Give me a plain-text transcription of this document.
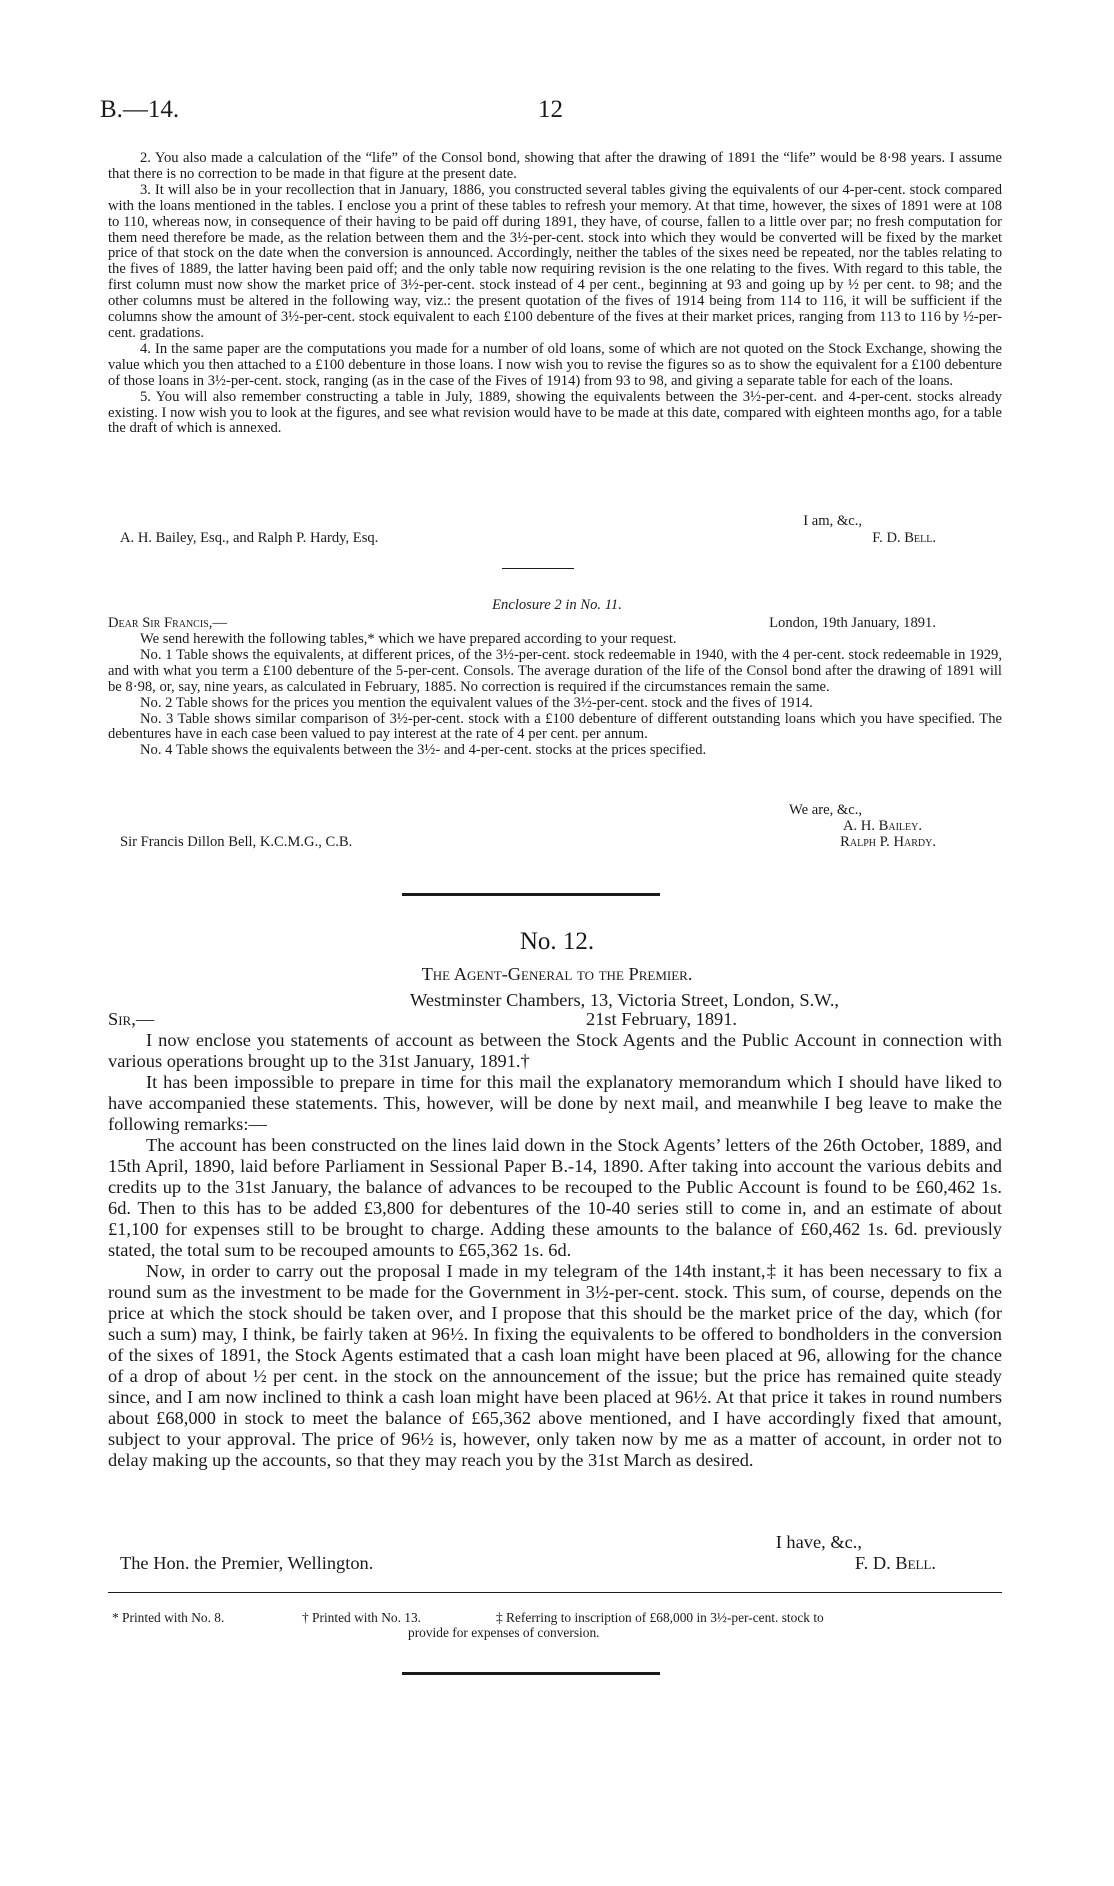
B.—14.	12

2. You also made a calculation of the “life” of the Consol bond, showing that after the drawing of 1891 the “life” would be 8·98 years. I assume that there is no correction to be made in that figure at the present date.

3. It will also be in your recollection that in January, 1886, you constructed several tables giving the equivalents of our 4-per-cent. stock compared with the loans mentioned in the tables. I enclose you a print of these tables to refresh your memory. At that time, however, the sixes of 1891 were at 108 to 110, whereas now, in consequence of their having to be paid off during 1891, they have, of course, fallen to a little over par; no fresh computation for them need therefore be made, as the relation between them and the 3½-per-cent. stock into which they would be converted will be fixed by the market price of that stock on the date when the conversion is announced. Accordingly, neither the tables of the sixes need be repeated, nor the tables relating to the fives of 1889, the latter having been paid off; and the only table now requiring revision is the one relating to the fives. With regard to this table, the first column must now show the market price of 3½-per-cent. stock instead of 4 per cent., beginning at 93 and going up by ½ per cent. to 98; and the other columns must be altered in the following way, viz.: the present quotation of the fives of 1914 being from 114 to 116, it will be sufficient if the columns show the amount of 3½-per-cent. stock equivalent to each £100 debenture of the fives at their market prices, ranging from 113 to 116 by ½-per-cent. gradations.

4. In the same paper are the computations you made for a number of old loans, some of which are not quoted on the Stock Exchange, showing the value which you then attached to a £100 debenture in those loans. I now wish you to revise the figures so as to show the equivalent for a £100 debenture of those loans in 3½-per-cent. stock, ranging (as in the case of the Fives of 1914) from 93 to 98, and giving a separate table for each of the loans.

5. You will also remember constructing a table in July, 1889, showing the equivalents between the 3½-per-cent. and 4-per-cent. stocks already existing. I now wish you to look at the figures, and see what revision would have to be made at this date, compared with eighteen months ago, for a table the draft of which is annexed.

I am, &c.,
A. H. Bailey, Esq., and Ralph P. Hardy, Esq.	F. D. Bell.
Enclosure 2 in No. 11.
Dear Sir Francis,—	London, 19th January, 1891.

We send herewith the following tables,* which we have prepared according to your request.

No. 1 Table shows the equivalents, at different prices, of the 3½-per-cent. stock redeemable in 1940, with the 4 per-cent. stock redeemable in 1929, and with what you term a £100 debenture of the 5-per-cent. Consols. The average duration of the life of the Consol bond after the drawing of 1891 will be 8·98, or, say, nine years, as calculated in February, 1885. No correction is required if the circumstances remain the same.

No. 2 Table shows for the prices you mention the equivalent values of the 3½-per-cent. stock and the fives of 1914.

No. 3 Table shows similar comparison of 3½-per-cent. stock with a £100 debenture of different outstanding loans which you have specified. The debentures have in each case been valued to pay interest at the rate of 4 per cent. per annum.

No. 4 Table shows the equivalents between the 3½- and 4-per-cent. stocks at the prices specified.

We are, &c.,
A. H. Bailey.
Sir Francis Dillon Bell, K.C.M.G., C.B.	Ralph P. Hardy.
No. 12.
The Agent-General to the Premier.
Westminster Chambers, 13, Victoria Street, London, S.W.,
Sir,—	21st February, 1891.

I now enclose you statements of account as between the Stock Agents and the Public Account in connection with various operations brought up to the 31st January, 1891.†

It has been impossible to prepare in time for this mail the explanatory memorandum which I should have liked to have accompanied these statements. This, however, will be done by next mail, and meanwhile I beg leave to make the following remarks:—

The account has been constructed on the lines laid down in the Stock Agents’ letters of the 26th October, 1889, and 15th April, 1890, laid before Parliament in Sessional Paper B.-14, 1890. After taking into account the various debits and credits up to the 31st January, the balance of advances to be recouped to the Public Account is found to be £60,462 1s. 6d. Then to this has to be added £3,800 for debentures of the 10-40 series still to come in, and an estimate of about £1,100 for expenses still to be brought to charge. Adding these amounts to the balance of £60,462 1s. 6d. previously stated, the total sum to be recouped amounts to £65,362 1s. 6d.

Now, in order to carry out the proposal I made in my telegram of the 14th instant,‡ it has been necessary to fix a round sum as the investment to be made for the Government in 3½-per-cent. stock. This sum, of course, depends on the price at which the stock should be taken over, and I propose that this should be the market price of the day, which (for such a sum) may, I think, be fairly taken at 96½. In fixing the equivalents to be offered to bondholders in the conversion of the sixes of 1891, the Stock Agents estimated that a cash loan might have been placed at 96, allowing for the chance of a drop of about ½ per cent. in the stock on the announcement of the issue; but the price has remained quite steady since, and I am now inclined to think a cash loan might have been placed at 96½. At that price it takes in round numbers about £68,000 in stock to meet the balance of £65,362 above mentioned, and I have accordingly fixed that amount, subject to your approval. The price of 96½ is, however, only taken now by me as a matter of account, in order not to delay making up the accounts, so that they may reach you by the 31st March as desired.

I have, &c.,
The Hon. the Premier, Wellington.	F. D. Bell.
* Printed with No. 8.	† Printed with No. 13.	‡ Referring to inscription of £68,000 in 3½-per-cent. stock to
provide for expenses of conversion.
